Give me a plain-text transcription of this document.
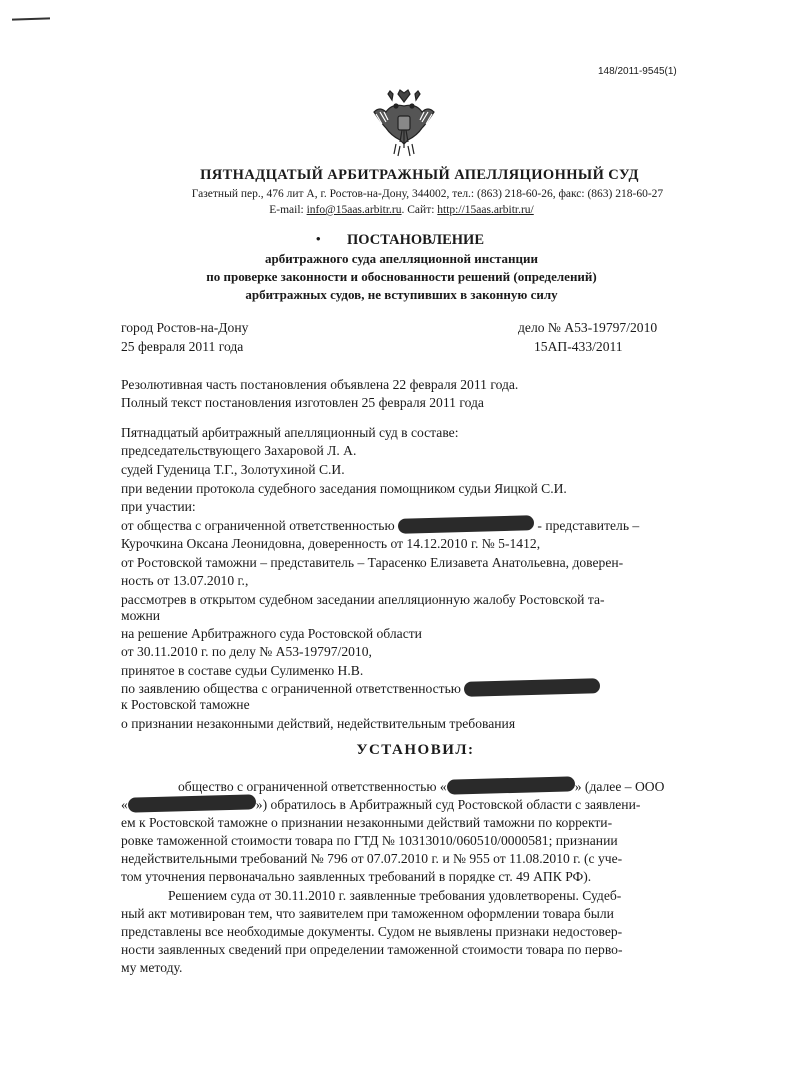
148/2011-9545(1)
ПЯТНАДЦАТЫЙ АРБИТРАЖНЫЙ АПЕЛЛЯЦИОННЫЙ СУД
Газетный пер., 476 лит А, г. Ростов-на-Дону, 344002, тел.: (863) 218-60-26, факс: (863) 218-60-27
E-mail: info@15aas.arbitr.ru. Сайт: http://15aas.arbitr.ru/
•	ПОСТАНОВЛЕНИЕ
арбитражного суда апелляционной инстанции
по проверке законности и обоснованности решений (определений)
арбитражных судов, не вступивших в законную силу
город Ростов-на-Дону
25 февраля 2011 года
дело № А53-19797/2010
15АП-433/2011
Резолютивная часть постановления объявлена 22 февраля 2011 года.
Полный текст постановления изготовлен 25 февраля 2011 года
Пятнадцатый арбитражный апелляционный суд в составе:
председательствующего Захаровой Л. А.
судей Гуденица Т.Г., Золотухиной С.И.
при ведении протокола судебного заседания помощником судьи Яицкой С.И.
при участии:
от общества с ограниченной ответственностью	- представитель –
Курочкина Оксана Леонидовна, доверенность от 14.12.2010 г. № 5-1412,
от Ростовской таможни – представитель – Тарасенко Елизавета Анатольевна, доверен-
ность от 13.07.2010 г.,
рассмотрев в открытом судебном заседании апелляционную жалобу Ростовской та-
можни
на решение Арбитражного суда Ростовской области
от 30.11.2010 г. по делу № А53-19797/2010,
принятое в составе судьи Сулименко Н.В.
по заявлению общества с ограниченной ответственностью
к Ростовской таможне
о признании незаконными действий, недействительным требования
УСТАНОВИЛ:
общество с ограниченной ответственностью «	» (далее – ООО
«	») обратилось в Арбитражный суд Ростовской области с заявлени-
ем к Ростовской таможне о признании незаконными действий таможни по корректи-
ровке таможенной стоимости товара по ГТД № 10313010/060510/0000581; признании
недействительными требований № 796 от 07.07.2010 г. и № 955 от 11.08.2010 г. (с уче-
том уточнения первоначально заявленных требований в порядке ст. 49 АПК РФ).
Решением суда от 30.11.2010 г. заявленные требования удовлетворены. Судеб-
ный акт мотивирован тем, что заявителем при таможенном оформлении товара были
представлены все необходимые документы. Судом не выявлены признаки недостовер-
ности заявленных сведений при определении таможенной стоимости товара по перво-
му методу.
